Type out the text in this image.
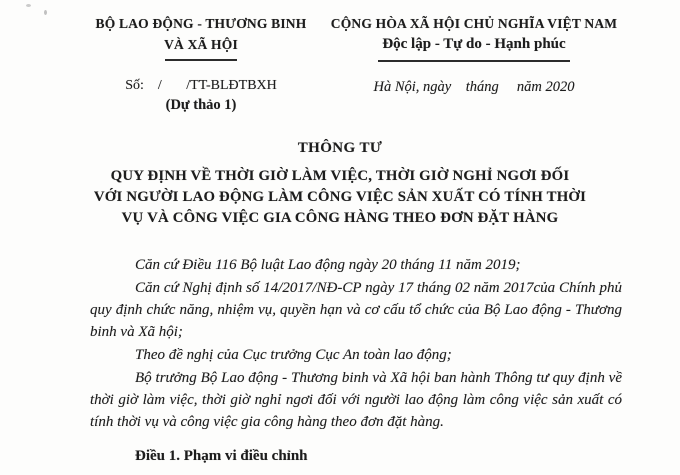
BỘ LAO ĐỘNG - THƯƠNG BINH
VÀ XÃ HỘI
Số:    /       /TT-BLĐTBXH
(Dự thảo 1)
CỘNG HÒA XÃ HỘI CHỦ NGHĨA VIỆT NAM
Độc lập - Tự do - Hạnh phúc
Hà Nội, ngày    tháng     năm 2020
THÔNG TƯ
QUY ĐỊNH VỀ THỜI GIỜ LÀM VIỆC, THỜI GIỜ NGHỈ NGƠI ĐỐI
VỚI NGƯỜI LAO ĐỘNG LÀM CÔNG VIỆC SẢN XUẤT CÓ TÍNH THỜI
VỤ VÀ CÔNG VIỆC GIA CÔNG HÀNG THEO ĐƠN ĐẶT HÀNG

Căn cứ Điều 116 Bộ luật Lao động ngày 20 tháng 11 năm 2019;

Căn cứ Nghị định số 14/2017/NĐ-CP ngày 17 tháng 02 năm 2017của Chính phủ quy định chức năng, nhiệm vụ, quyền hạn và cơ cấu tổ chức của Bộ Lao động - Thương binh và Xã hội;

Theo đề nghị của Cục trưởng Cục An toàn lao động;

Bộ trưởng Bộ Lao động - Thương binh và Xã hội ban hành Thông tư quy định về thời giờ làm việc, thời giờ nghỉ ngơi đối với người lao động làm công việc sản xuất có tính thời vụ và công việc gia công hàng theo đơn đặt hàng.

Điều 1. Phạm vi điều chỉnh
